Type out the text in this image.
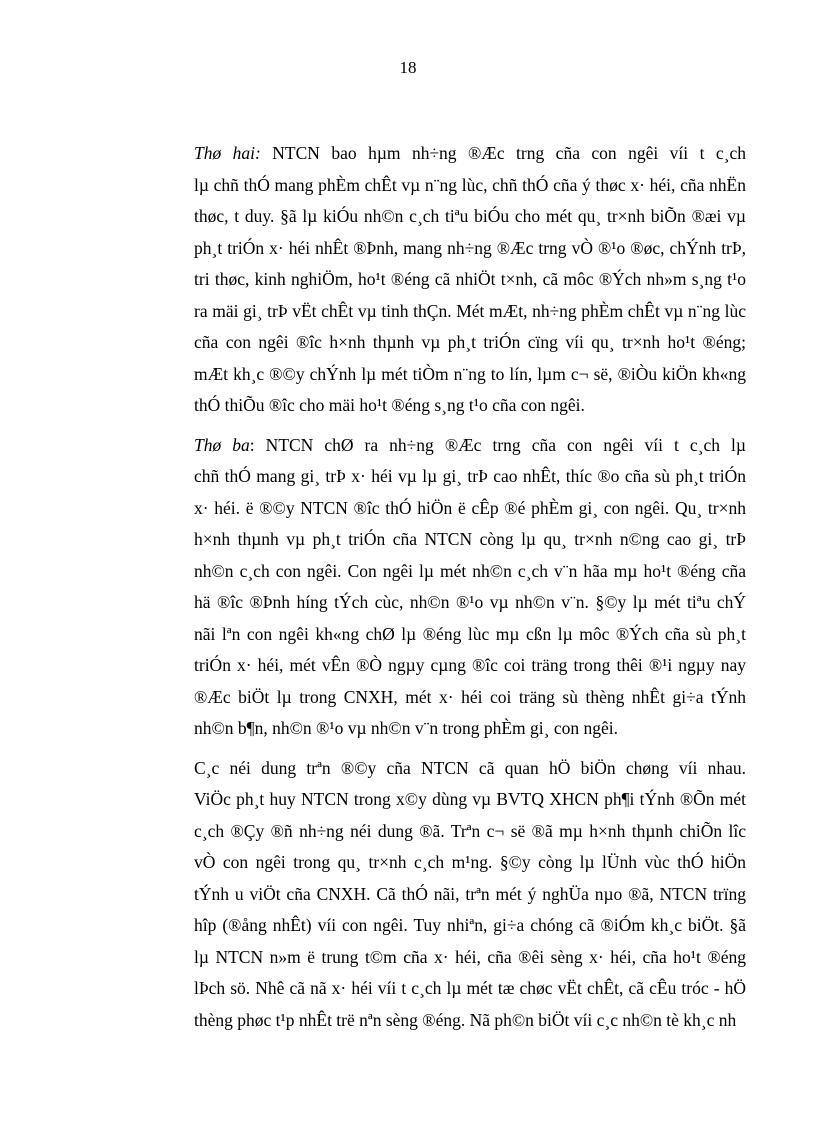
18
Thø hai: NTCN bao hµm nh÷ng ®Æc trng cña con ngêi víi t c¸ch
lµ chñ thÓ mang phÈm chÊt vµ n¨ng lùc, chñ thÓ cña ý thøc x· héi, cña nhËn
thøc, t duy. §ã lµ kiÓu nh©n c¸ch tiªu biÓu cho mét qu¸ tr×nh biÕn ®æi vµ
ph¸t triÓn x· héi nhÊt ®Þnh, mang nh÷ng ®Æc trng vÒ ®¹o ®øc, chÝnh trÞ,
tri thøc, kinh nghiÖm, ho¹t ®éng cã nhiÖt t×nh, cã môc ®Ých nh»m s¸ng t¹o
ra mäi gi¸ trÞ vËt chÊt vµ tinh thÇn. Mét mÆt, nh÷ng phÈm chÊt vµ n¨ng lùc
cña con ngêi ®îc h×nh thµnh vµ ph¸t triÓn cïng víi qu¸ tr×nh ho¹t ®éng;
mÆt kh¸c ®©y chÝnh lµ mét tiÒm n¨ng to lín, lµm c¬ së, ®iÒu kiÖn kh«ng
thÓ thiÕu ®îc cho mäi ho¹t ®éng s¸ng t¹o cña con ngêi.
Thø ba: NTCN chØ ra nh÷ng ®Æc trng cña con ngêi víi t c¸ch lµ
chñ thÓ mang gi¸ trÞ x· héi vµ lµ gi¸ trÞ cao nhÊt, thíc ®o cña sù ph¸t triÓn
x· héi. ë ®©y NTCN ®îc thÓ hiÖn ë cÊp ®é phÈm gi¸ con ngêi. Qu¸ tr×nh
h×nh thµnh vµ ph¸t triÓn cña NTCN còng lµ qu¸ tr×nh n©ng cao gi¸ trÞ
nh©n c¸ch con ngêi. Con ngêi lµ mét nh©n c¸ch v¨n hãa mµ ho¹t ®éng cña
hä ®îc ®Þnh híng tÝch cùc, nh©n ®¹o vµ nh©n v¨n. §©y lµ mét tiªu chÝ
nãi lªn con ngêi kh«ng chØ lµ ®éng lùc mµ cßn lµ môc ®Ých cña sù ph¸t
triÓn x· héi, mét vÊn ®Ò ngµy cµng ®îc coi träng trong thêi ®¹i ngµy nay
®Æc biÖt lµ trong CNXH, mét x· héi coi träng sù thèng nhÊt gi÷a tÝnh
nh©n b¶n, nh©n ®¹o vµ nh©n v¨n trong phÈm gi¸ con ngêi.
C¸c néi dung trªn ®©y cña NTCN cã quan hÖ biÖn chøng víi nhau.
ViÖc ph¸t huy NTCN trong x©y dùng vµ BVTQ XHCN ph¶i tÝnh ®Õn mét
c¸ch ®Çy ®ñ nh÷ng néi dung ®ã. Trªn c¬ së ®ã mµ h×nh thµnh chiÕn lîc
vÒ con ngêi trong qu¸ tr×nh c¸ch m¹ng. §©y còng lµ lÜnh vùc thÓ hiÖn
tÝnh u viÖt cña CNXH. Cã thÓ nãi, trªn mét ý nghÜa nµo ®ã, NTCN trïng
hîp (®ång nhÊt) víi con ngêi. Tuy nhiªn, gi÷a chóng cã ®iÓm kh¸c biÖt. §ã
lµ NTCN n»m ë trung t©m cña x· héi, cña ®êi sèng x· héi, cña ho¹t ®éng
lÞch sö. Nhê cã nã x· héi víi t c¸ch lµ mét tæ chøc vËt chÊt, cã cÊu tróc - hÖ
thèng phøc t¹p nhÊt trë nªn sèng ®éng. Nã ph©n biÖt víi c¸c nh©n tè kh¸c nh
